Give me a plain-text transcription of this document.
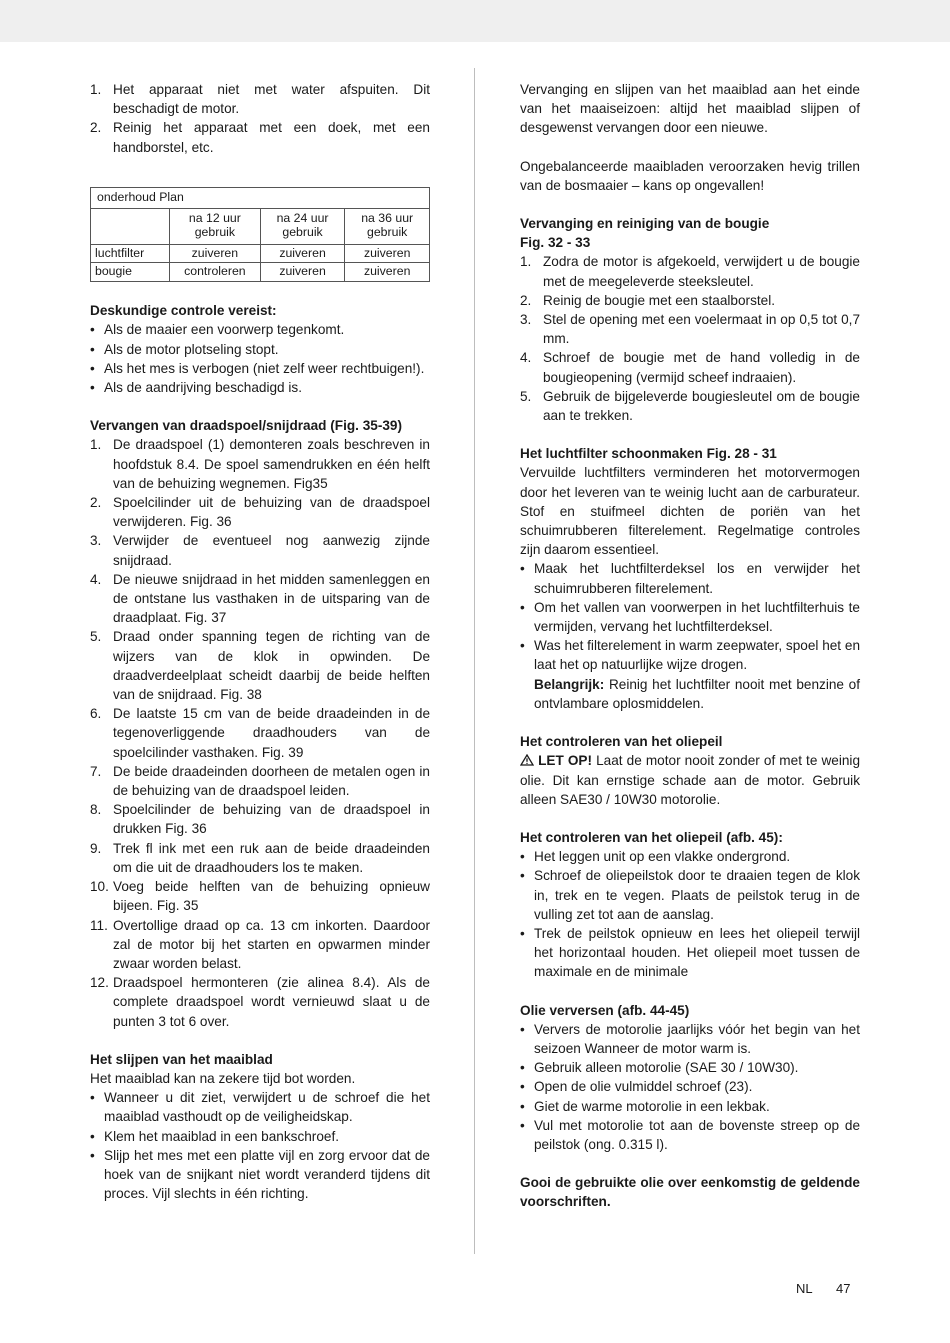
1. Het apparaat niet met water afspuiten. Dit beschadigt de motor.
2. Reinig het apparaat met een doek, met een handborstel, etc.
onderhoud Plan			
	na 12 uur gebruik	na 24 uur gebruik	na 36 uur gebruik
luchtfilter	zuiveren	zuiveren	zuiveren
bougie	controleren	zuiveren	zuiveren

Deskundige controle vereist:

• Als de maaier een voorwerp tegenkomt.
• Als de motor plotseling stopt.
• Als het mes is verbogen (niet zelf weer rechtbuigen!).
• Als de aandrijving beschadigd is.

Vervangen van draadspoel/snijdraad (Fig. 35-39)

1. De draadspoel (1) demonteren zoals beschreven in hoofdstuk 8.4. De spoel samendrukken en één helft van de behuizing wegnemen. Fig35
2. Spoelcilinder uit de behuizing van de draadspoel verwijderen. Fig. 36
3. Verwijder de eventueel nog aanwezig zijnde snijdraad.
4. De nieuwe snijdraad in het midden samenleggen en de ontstane lus vasthaken in de uitsparing van de draadplaat. Fig. 37
5. Draad onder spanning tegen de richting van de wijzers van de klok in opwinden. De draadverdeelplaat scheidt daarbij de beide helften van de snijdraad. Fig. 38
6. De laatste 15 cm van de beide draadeinden in de tegenoverliggende draadhouders van de spoelcilinder vasthaken. Fig. 39
7. De beide draadeinden doorheen de metalen ogen in de behuizing van de draadspoel leiden.
8. Spoelcilinder de behuizing van de draadspoel in drukken Fig. 36
9. Trek fl ink met een ruk aan de beide draadeinden om die uit de draadhouders los te maken.
10. Voeg beide helften van de behuizing opnieuw bijeen. Fig. 35
11. Overtollige draad op ca. 13 cm inkorten. Daardoor zal de motor bij het starten en opwarmen minder zwaar worden belast.
12. Draadspoel hermonteren (zie alinea 8.4). Als de complete draadspoel wordt vernieuwd slaat u de punten 3 tot 6 over.

Het slijpen van het maaiblad

Het maaiblad kan na zekere tijd bot worden.

• Wanneer u dit ziet, verwijdert u de schroef die het maaiblad vasthoudt op de veiligheidskap.
• Klem het maaiblad in een bankschroef.
• Slijp het mes met een platte vijl en zorg ervoor dat de hoek van de snijkant niet wordt veranderd tijdens dit proces. Vijl slechts in één richting.

Vervanging en slijpen van het maaiblad aan het einde van het maaiseizoen: altijd het maaiblad slijpen of desgewenst vervangen door een nieuwe.

Ongebalanceerde maaibladen veroorzaken hevig trillen van de bosmaaier – kans op ongevallen!

Vervanging en reiniging van de bougie

Fig. 32 - 33

1. Zodra de motor is afgekoeld, verwijdert u de bougie met de meegeleverde steeksleutel.
2. Reinig de bougie met een staalborstel.
3. Stel de opening met een voelermaat in op 0,5 tot 0,7 mm.
4. Schroef de bougie met de hand volledig in de bougieopening (vermijd scheef indraaien).
5. Gebruik de bijgeleverde bougiesleutel om de bougie aan te trekken.

Het luchtfilter schoonmaken Fig. 28 - 31

Vervuilde luchtfilters verminderen het motorvermogen door het leveren van te weinig lucht aan de carburateur. Stof en stuifmeel dichten de poriën van het schuimrubberen filterelement. Regelmatige controles zijn daarom essentieel.

• Maak het luchtfilterdeksel los en verwijder het schuimrubberen filterelement.
• Om het vallen van voorwerpen in het luchtfilterhuis te vermijden, vervang het luchtfilterdeksel.
• Was het filterelement in warm zeepwater, spoel het en laat het op natuurlijke wijze drogen.

Belangrijk: Reinig het luchtfilter nooit met benzine of ontvlambare oplosmiddelen.

Het controleren van het oliepeil

LET OP! Laat de motor nooit zonder of met te weinig olie. Dit kan ernstige schade aan de motor. Gebruik alleen SAE30 / 10W30 motorolie.

Het controleren van het oliepeil (afb. 45):

• Het leggen unit op een vlakke ondergrond.
• Schroef de oliepeilstok door te draaien tegen de klok in, trek en te vegen. Plaats de peilstok terug in de vulling zet tot aan de aanslag.
• Trek de peilstok opnieuw en lees het oliepeil terwijl het horizontaal houden. Het oliepeil moet tussen de maximale en de minimale

Olie verversen (afb. 44-45)

• Ververs de motorolie jaarlijks vóór het begin van het seizoen Wanneer de motor warm is.
• Gebruik alleen motorolie (SAE 30 / 10W30).
• Open de olie vulmiddel schroef (23).
• Giet de warme motorolie in een lekbak.
• Vul met motorolie tot aan de bovenste streep op de peilstok (ong. 0.315 l).

Gooi de gebruikte olie over eenkomstig de geldende voorschriften.

NL 47
